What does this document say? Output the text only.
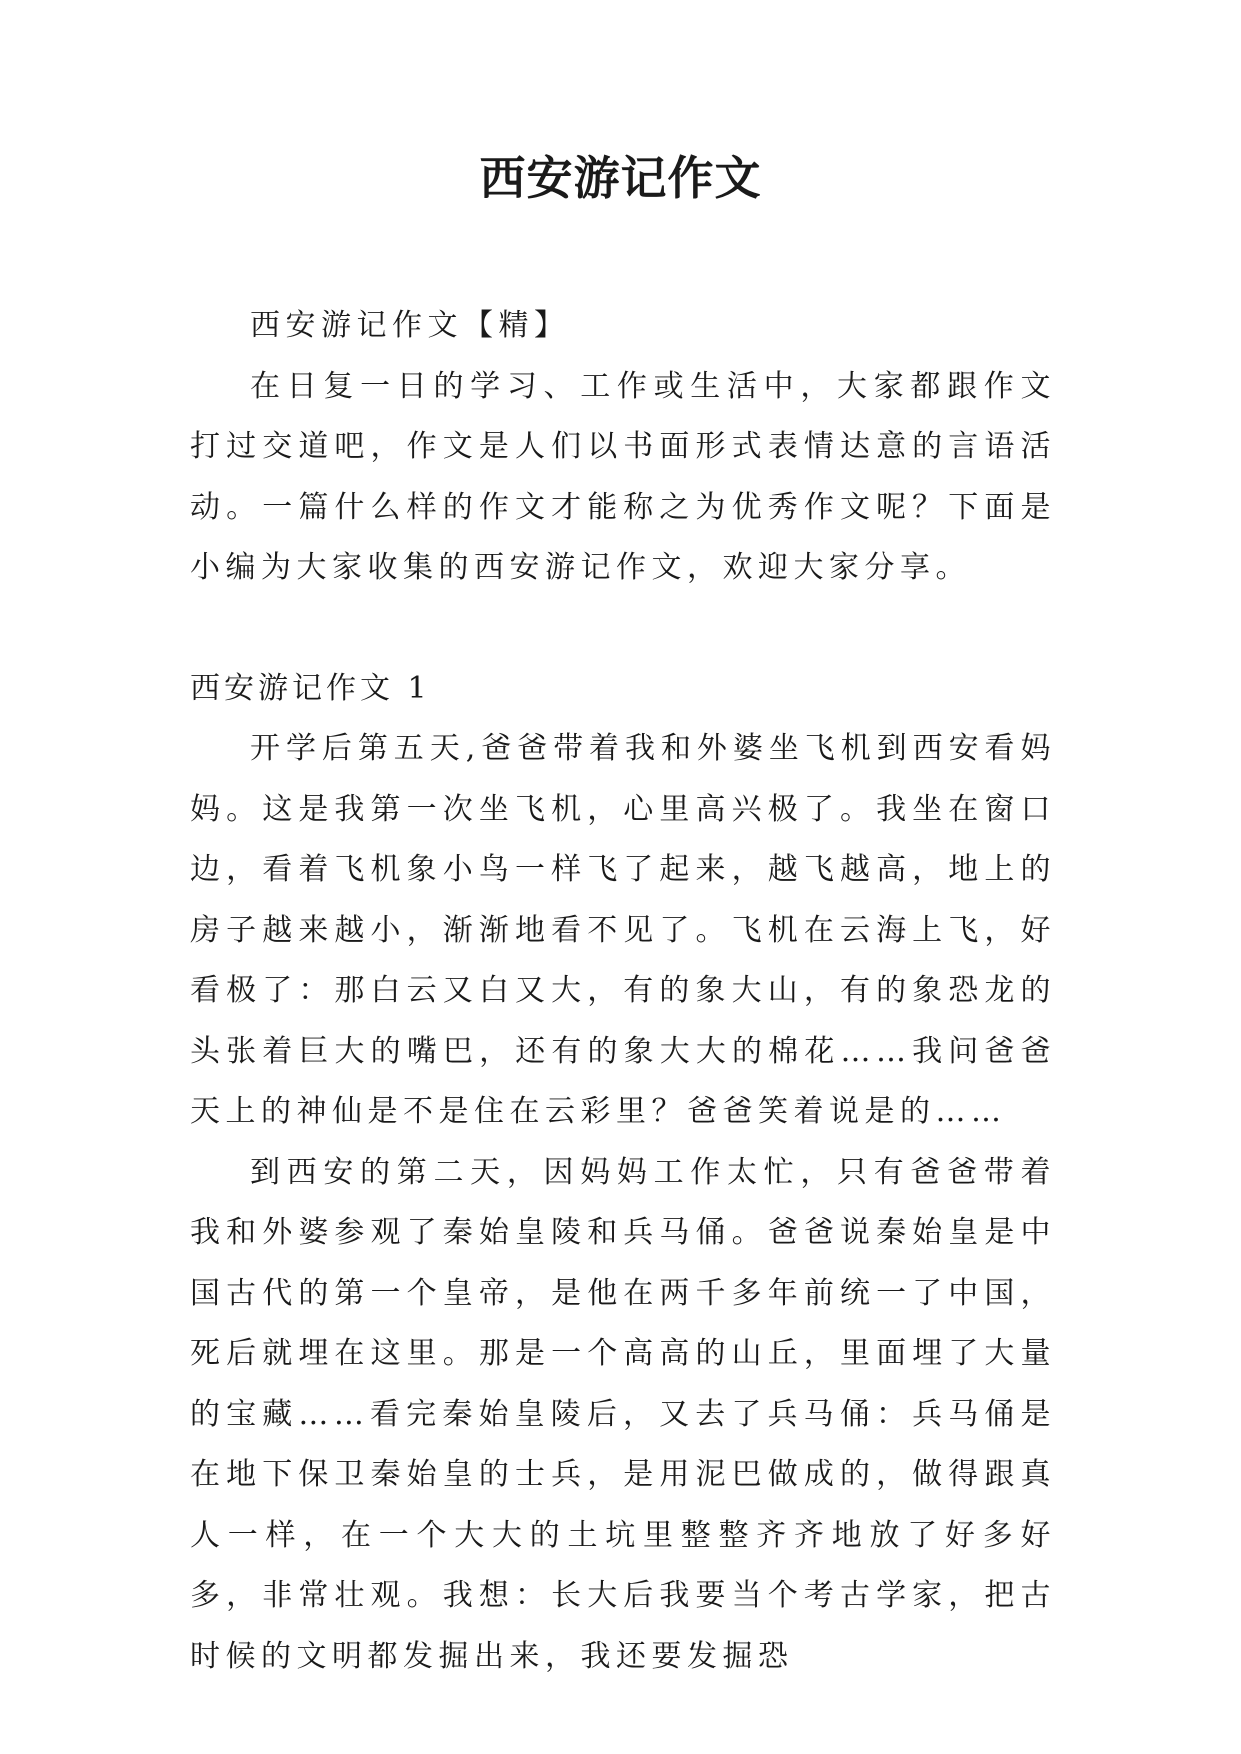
西安游记作文

西安游记作文【精】

在日复一日的学习、工作或生活中，大家都跟作文打过交道吧，作文是人们以书面形式表情达意的言语活动。一篇什么样的作文才能称之为优秀作文呢？下面是小编为大家收集的西安游记作文，欢迎大家分享。

西安游记作文 1

开学后第五天,爸爸带着我和外婆坐飞机到西安看妈妈。这是我第一次坐飞机，心里高兴极了。我坐在窗口边，看着飞机象小鸟一样飞了起来，越飞越高，地上的房子越来越小，渐渐地看不见了。飞机在云海上飞，好看极了：那白云又白又大，有的象大山，有的象恐龙的头张着巨大的嘴巴，还有的象大大的棉花……我问爸爸天上的神仙是不是住在云彩里？爸爸笑着说是的……

到西安的第二天，因妈妈工作太忙，只有爸爸带着我和外婆参观了秦始皇陵和兵马俑。爸爸说秦始皇是中国古代的第一个皇帝，是他在两千多年前统一了中国，死后就埋在这里。那是一个高高的山丘，里面埋了大量的宝藏……看完秦始皇陵后，又去了兵马俑：兵马俑是在地下保卫秦始皇的士兵，是用泥巴做成的，做得跟真人一样，在一个大大的土坑里整整齐齐地放了好多好多，非常壮观。我想：长大后我要当个考古学家，把古时候的文明都发掘出来，我还要发掘恐
